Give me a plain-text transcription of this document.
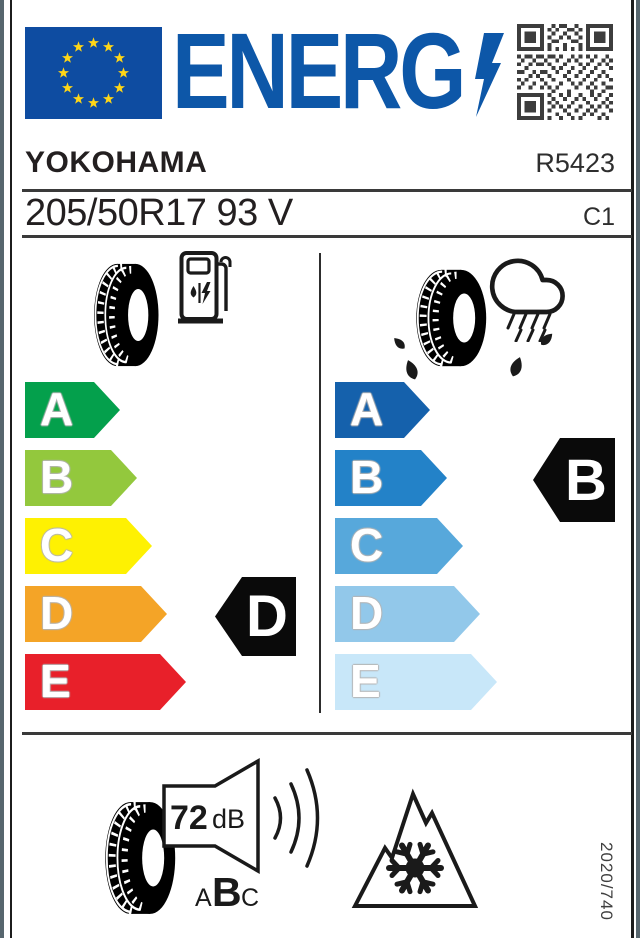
ENERG
YOKOHAMA	R5423
205/50R17 93 V	C1
A
B
C
D
E
D
A
B
C
D
E
B
72 dB
A B C	2020/740
